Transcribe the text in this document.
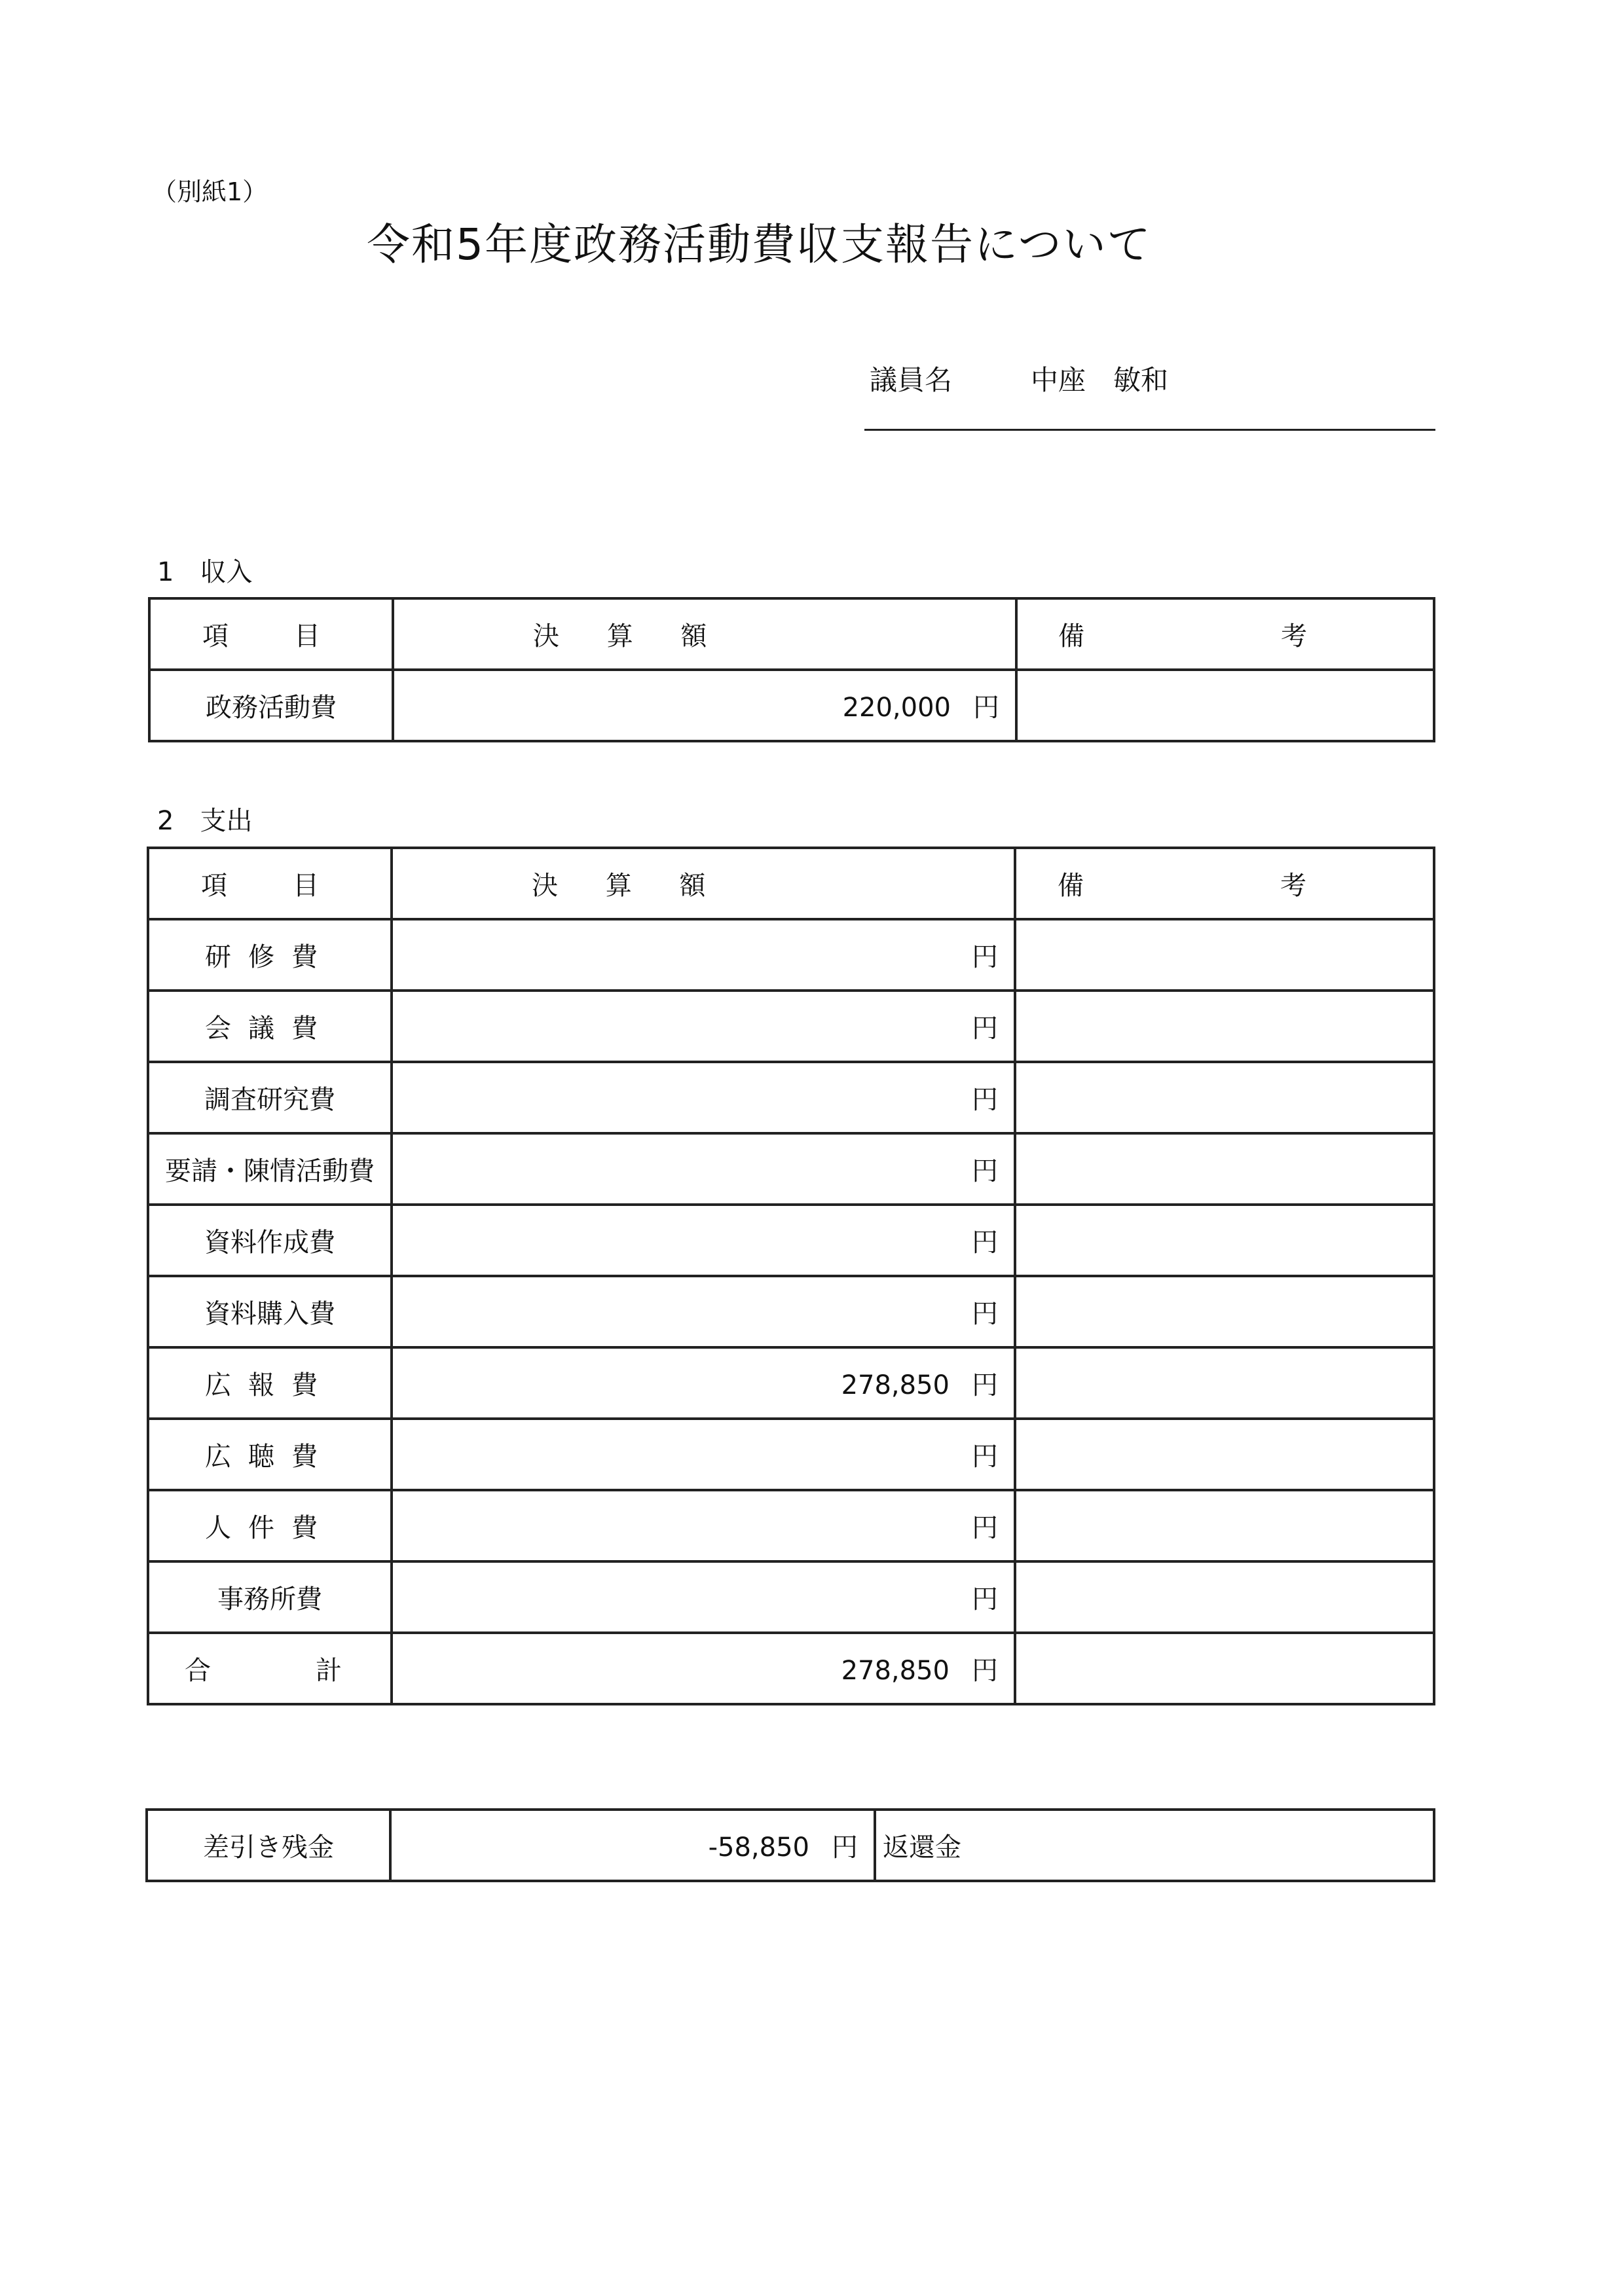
（別紙1）
令和5年度政務活動費収支報告について
議員名	中座　敏和
1　収入
項　目	決 算 額	備　考
政務活動費	220,000 円	
2　支出
項　目	決 算 額	備　考
研修費	円	
会議費	円	
調査研究費	円	
要請・陳情活動費	円	
資料作成費	円	
資料購入費	円	
広報費	278,850 円	
広聴費	円	
人件費	円	
事務所費	円	
合　計	278,850 円	
差引き残金	-58,850 円	返還金
